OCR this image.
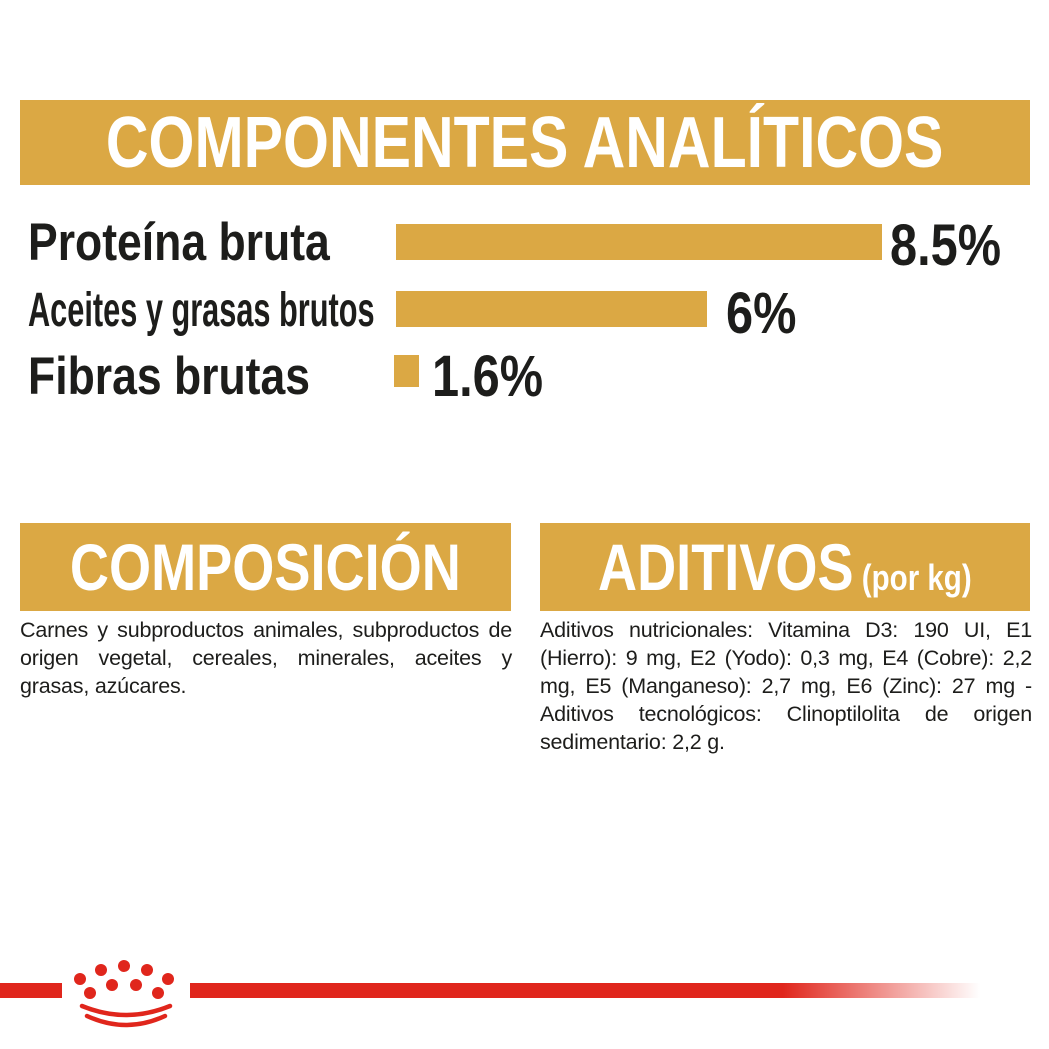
COMPONENTES ANALÍTICOS
Proteína bruta	8.5%
Aceites y grasas brutos	6%
Fibras brutas 1.6%
COMPOSICIÓN

Carnes y subproductos animales, subproductos de origen vegetal, cereales, minerales, aceites y grasas, azúcares.

ADITIVOS (por kg)

Aditivos nutricionales: Vitamina D3: 190 UI, E1 (Hierro): 9 mg, E2 (Yodo): 0,3 mg, E4 (Cobre): 2,2 mg, E5 (Manganeso): 2,7 mg, E6 (Zinc): 27 mg - Aditivos tecnológicos: Clinoptilolita de origen sedimentario: 2,2 g.
